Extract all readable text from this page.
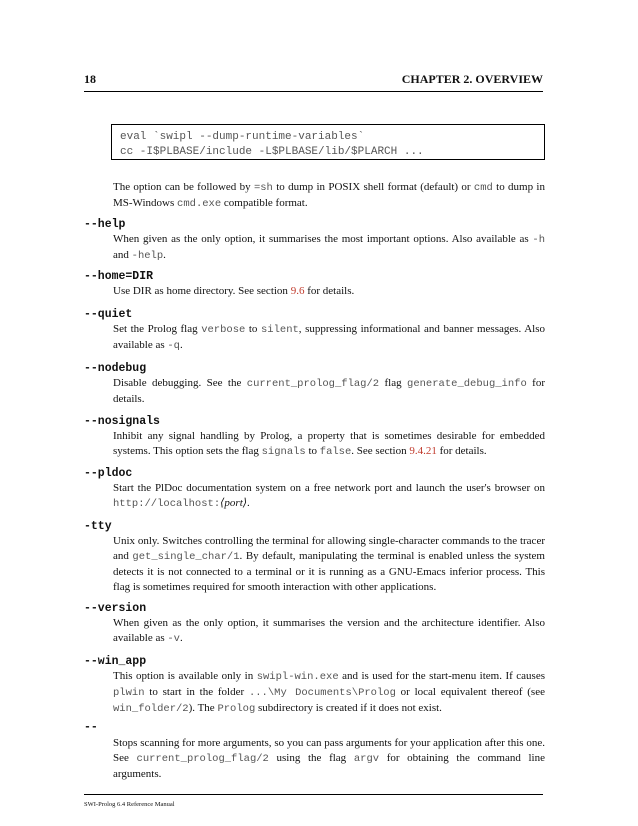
18	CHAPTER 2. OVERVIEW
eval `swipl --dump-runtime-variables`
cc -I$PLBASE/include -L$PLBASE/lib/$PLARCH ...
The option can be followed by =sh to dump in POSIX shell format (default) or cmd to dump in MS-Windows cmd.exe compatible format.
--help
When given as the only option, it summarises the most important options. Also available as -h and -help.
--home=DIR
Use DIR as home directory. See section 9.6 for details.
--quiet
Set the Prolog flag verbose to silent, suppressing informational and banner messages. Also available as -q.
--nodebug
Disable debugging. See the current_prolog_flag/2 flag generate_debug_info for details.
--nosignals
Inhibit any signal handling by Prolog, a property that is sometimes desirable for embedded systems. This option sets the flag signals to false. See section 9.4.21 for details.
--pldoc
Start the PlDoc documentation system on a free network port and launch the user's browser on http://localhost:⟨port⟩.
-tty
Unix only. Switches controlling the terminal for allowing single-character commands to the tracer and get_single_char/1. By default, manipulating the terminal is enabled unless the system detects it is not connected to a terminal or it is running as a GNU-Emacs inferior process. This flag is sometimes required for smooth interaction with other applications.
--version
When given as the only option, it summarises the version and the architecture identifier. Also available as -v.
--win_app
This option is available only in swipl-win.exe and is used for the start-menu item. If causes plwin to start in the folder ...\My Documents\Prolog or local equivalent thereof (see win_folder/2). The Prolog subdirectory is created if it does not exist.
--
Stops scanning for more arguments, so you can pass arguments for your application after this one. See current_prolog_flag/2 using the flag argv for obtaining the command line arguments.
SWI-Prolog 6.4 Reference Manual
